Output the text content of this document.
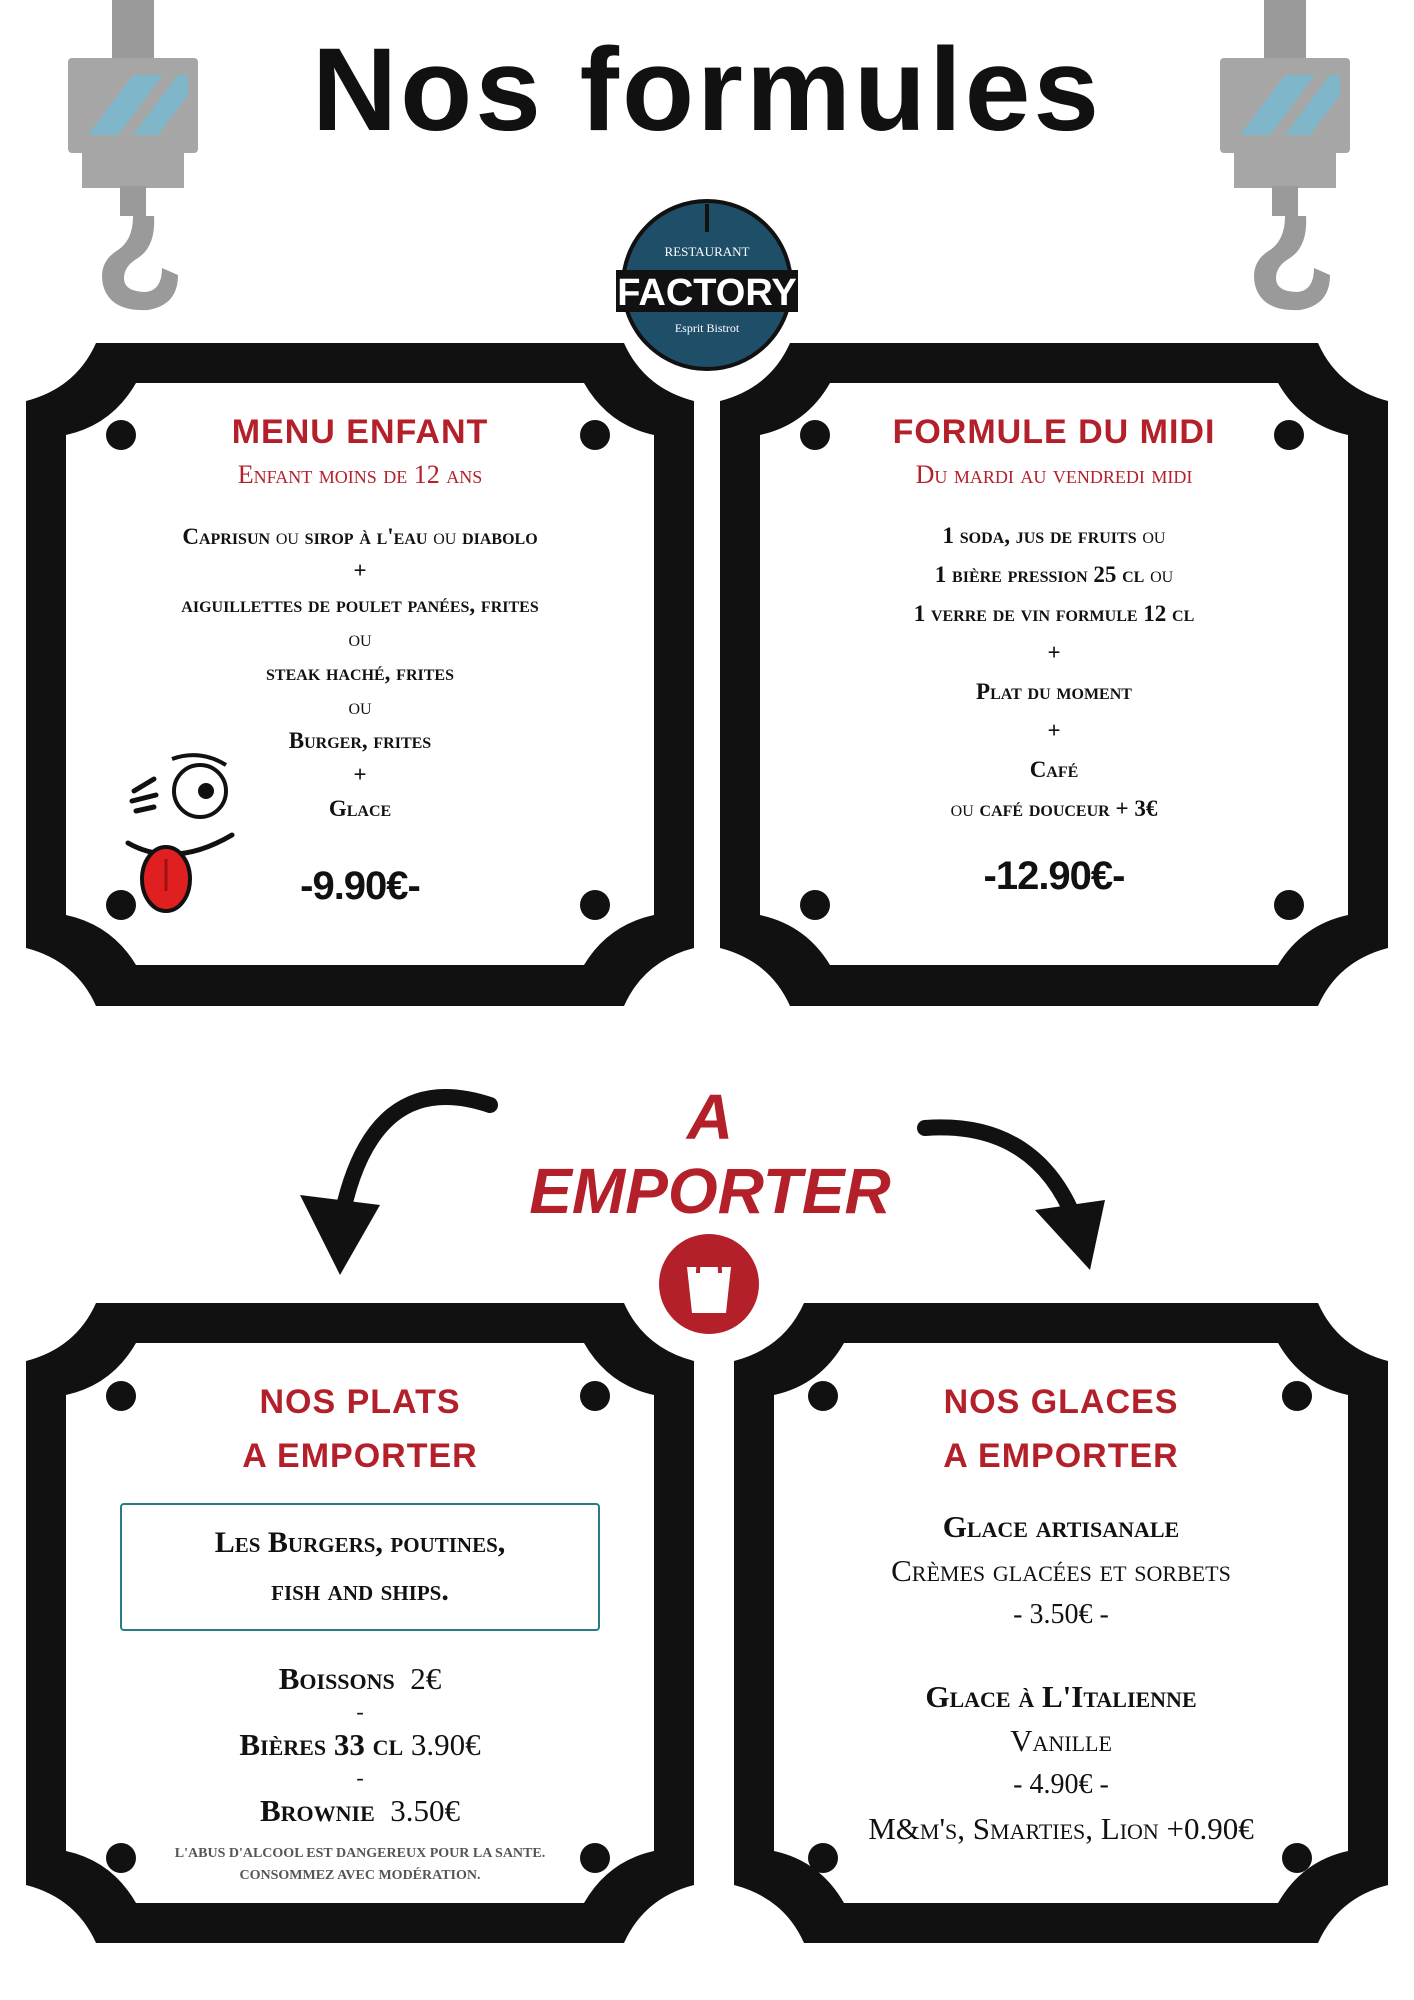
Nos formules
RESTAURANT
FACTORY
Esprit Bistrot
MENU ENFANT
Enfant moins de 12 ans
Caprisun ou sirop à l'eau ou diabolo
+
aiguillettes de poulet panées, frites
ou
steak haché, frites
ou
Burger, frites
+
Glace
-9.90€-
FORMULE DU MIDI
Du mardi au vendredi midi
1 soda, jus de fruits ou
1 bière pression 25 cl ou
1 verre de vin formule 12 cl
+
Plat du moment
+
Café
ou café douceur + 3€
-12.90€-
A EMPORTER
NOS PLATS
A EMPORTER
Les Burgers, poutines,
fish and ships.
Boissons 2€
-
Bières 33 cl 3.90€
-
Brownie 3.50€
L'ABUS D'ALCOOL EST DANGEREUX POUR LA SANTE.
CONSOMMEZ AVEC MODÉRATION.
NOS GLACES
A EMPORTER
Glace artisanale
Crèmes glacées et sorbets
- 3.50€ -
Glace à L'Italienne
Vanille
- 4.90€ -
M&m's, Smarties, Lion +0.90€
